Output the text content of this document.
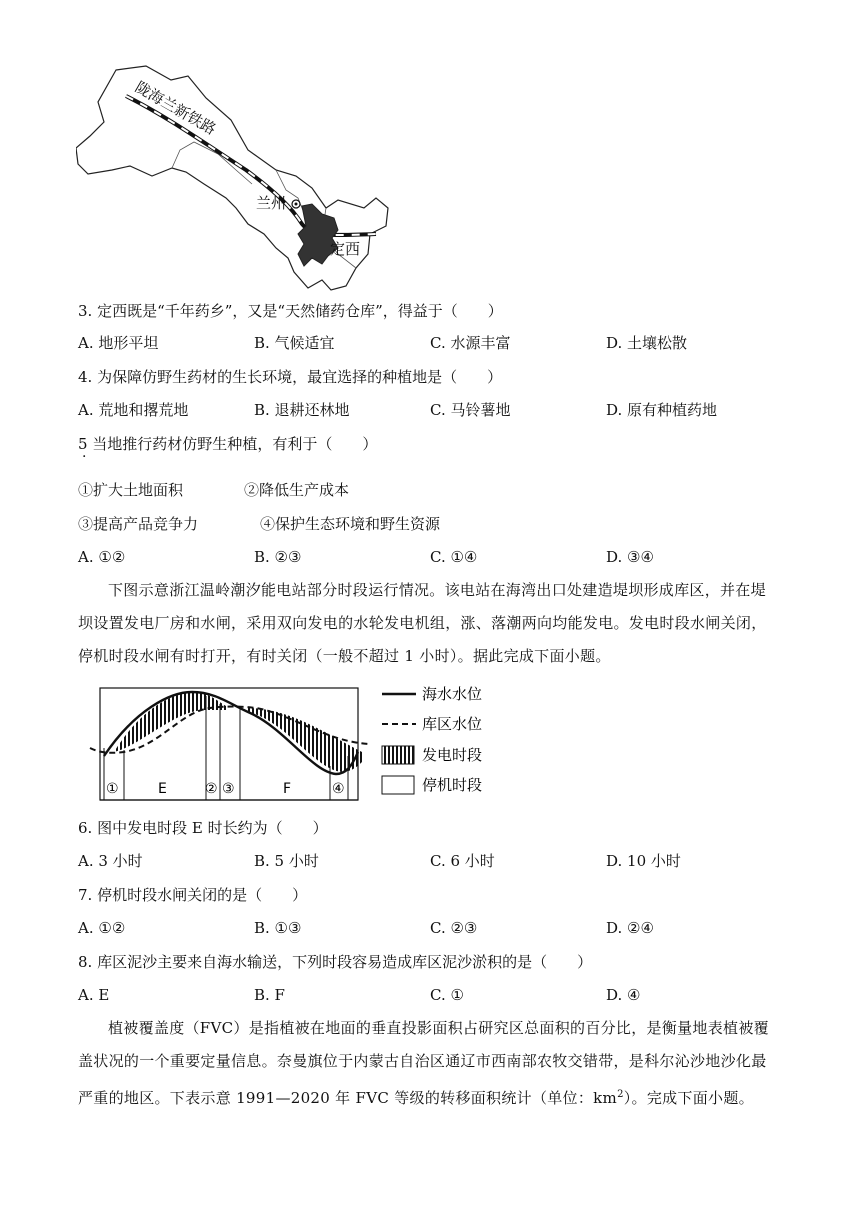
陇海兰新铁路
兰州
定西
3. 定西既是“千年药乡”，又是“天然储药仓库”，得益于（　　）
A. 地形平坦	B. 气候适宜	C. 水源丰富	D. 土壤松散
4. 为保障仿野生药材的生长环境，最宜选择的种植地是（　　）
A. 荒地和撂荒地	B. 退耕还林地	C. 马铃薯地	D. 原有种植药地
5 当地推行药材仿野生种植，有利于（　　）
·
①扩大土地面积	②降低生产成本
③提高产品竞争力	④保护生态环境和野生资源
A. ①②	B. ②③	C. ①④	D. ③④
下图示意浙江温岭潮汐能电站部分时段运行情况。该电站在海湾出口处建造堤坝形成库区，并在堤坝设置发电厂房和水闸，采用双向发电的水轮发电机组，涨、落潮两向均能发电。发电时段水闸关闭，停机时段水闸有时打开，有时关闭（一般不超过 1 小时）。据此完成下面小题。
①	E	② ③	F	④
海水水位
库区水位
发电时段
停机时段
6. 图中发电时段 E 时长约为（　　）
A. 3 小时	B. 5 小时	C. 6 小时	D. 10 小时
7. 停机时段水闸关闭的是（　　）
A. ①②	B. ①③	C. ②③	D. ②④
8. 库区泥沙主要来自海水输送，下列时段容易造成库区泥沙淤积的是（　　）
A. E	B. F	C. ①	D. ④
植被覆盖度（FVC）是指植被在地面的垂直投影面积占研究区总面积的百分比，是衡量地表植被覆盖状况的一个重要定量信息。奈曼旗位于内蒙古自治区通辽市西南部农牧交错带，是科尔沁沙地沙化最严重的地区。下表示意 1991—2020 年 FVC 等级的转移面积统计（单位：$km^2$）。完成下面小题。
